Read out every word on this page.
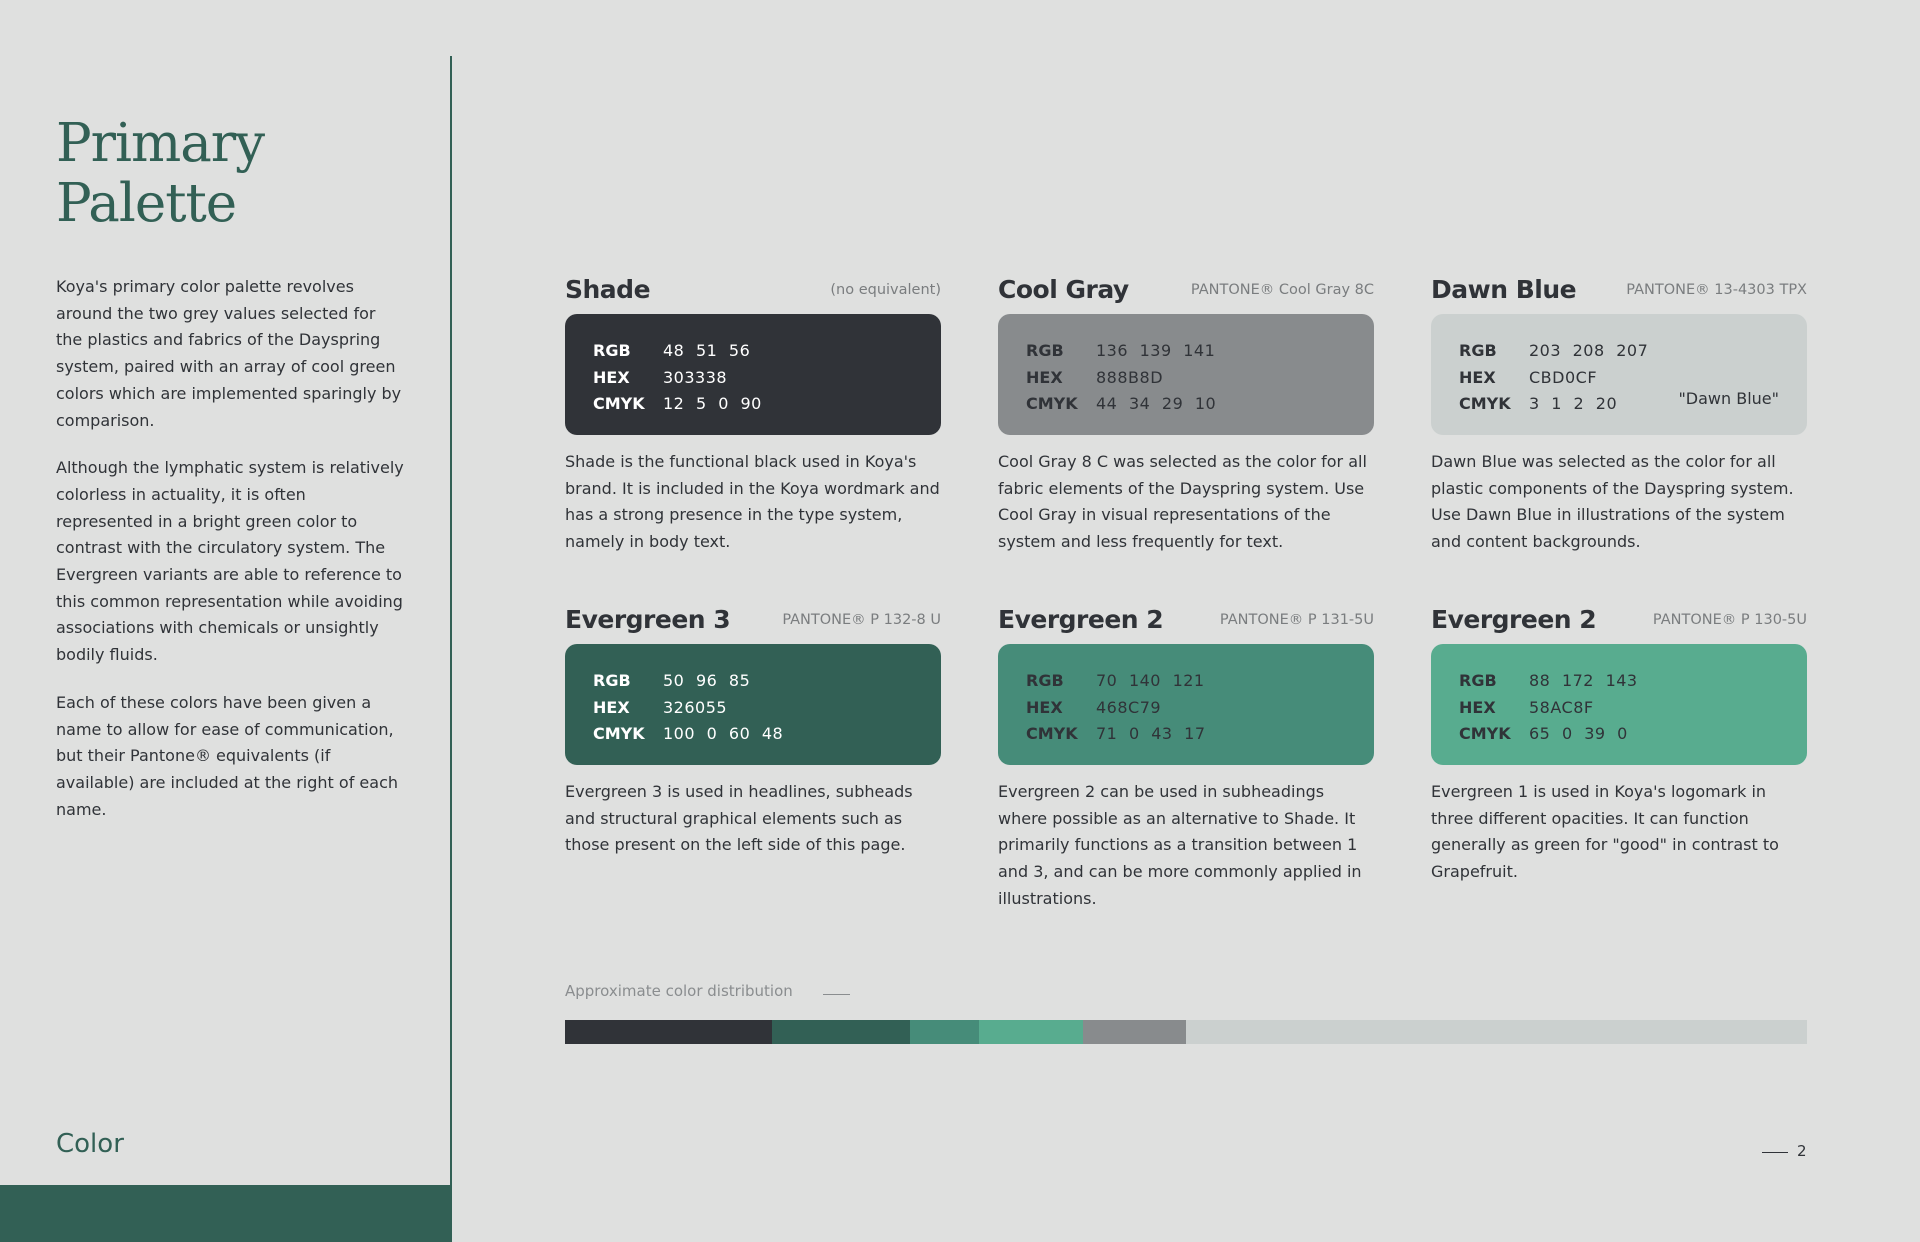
Primary
Palette

Koya's primary color palette revolves around the two grey values selected for the plastics and fabrics of the Dayspring system, paired with an array of cool green colors which are implemented sparingly by comparison.

Although the lymphatic system is relatively colorless in actuality, it is often represented in a bright green color to contrast with the circulatory system. The Evergreen variants are able to reference to this common representation while avoiding associations with chemicals or unsightly bodily fluids.

Each of these colors have been given a name to allow for ease of communication, but their Pantone® equivalents (if available) are included at the right of each name.

Color
Shade	(no equivalent)
RGB	48 51 56
HEX	303338
CMYK	12 5 0 90

Shade is the functional black used in Koya's brand. It is included in the Koya wordmark and has a strong presence in the type system, namely in body text.

Cool Gray	PANTONE® Cool Gray 8C
RGB	136 139 141
HEX	888B8D
CMYK	44 34 29 10

Cool Gray 8 C was selected as the color for all fabric elements of the Dayspring system. Use Cool Gray in visual representations of the system and less frequently for text.

Dawn Blue	PANTONE® 13-4303 TPX
RGB	203 208 207
HEX	CBD0CF
CMYK	3 1 2 20	"Dawn Blue"

Dawn Blue was selected as the color for all plastic components of the Dayspring system. Use Dawn Blue in illustrations of the system and content backgrounds.

Evergreen 3	PANTONE® P 132-8 U
RGB	50 96 85
HEX	326055
CMYK	100 0 60 48

Evergreen 3 is used in headlines, subheads and structural graphical elements such as those present on the left side of this page.

Evergreen 2	PANTONE® P 131-5U
RGB	70 140 121
HEX	468C79
CMYK	71 0 43 17

Evergreen 2 can be used in subheadings where possible as an alternative to Shade. It primarily functions as a transition between 1 and 3, and can be more commonly applied in illustrations.

Evergreen 2	PANTONE® P 130-5U
RGB	88 172 143
HEX	58AC8F
CMYK	65 0 39 0

Evergreen 1 is used in Koya's logomark in three different opacities. It can function generally as green for "good" in contrast to Grapefruit.

Approximate color distribution
2
